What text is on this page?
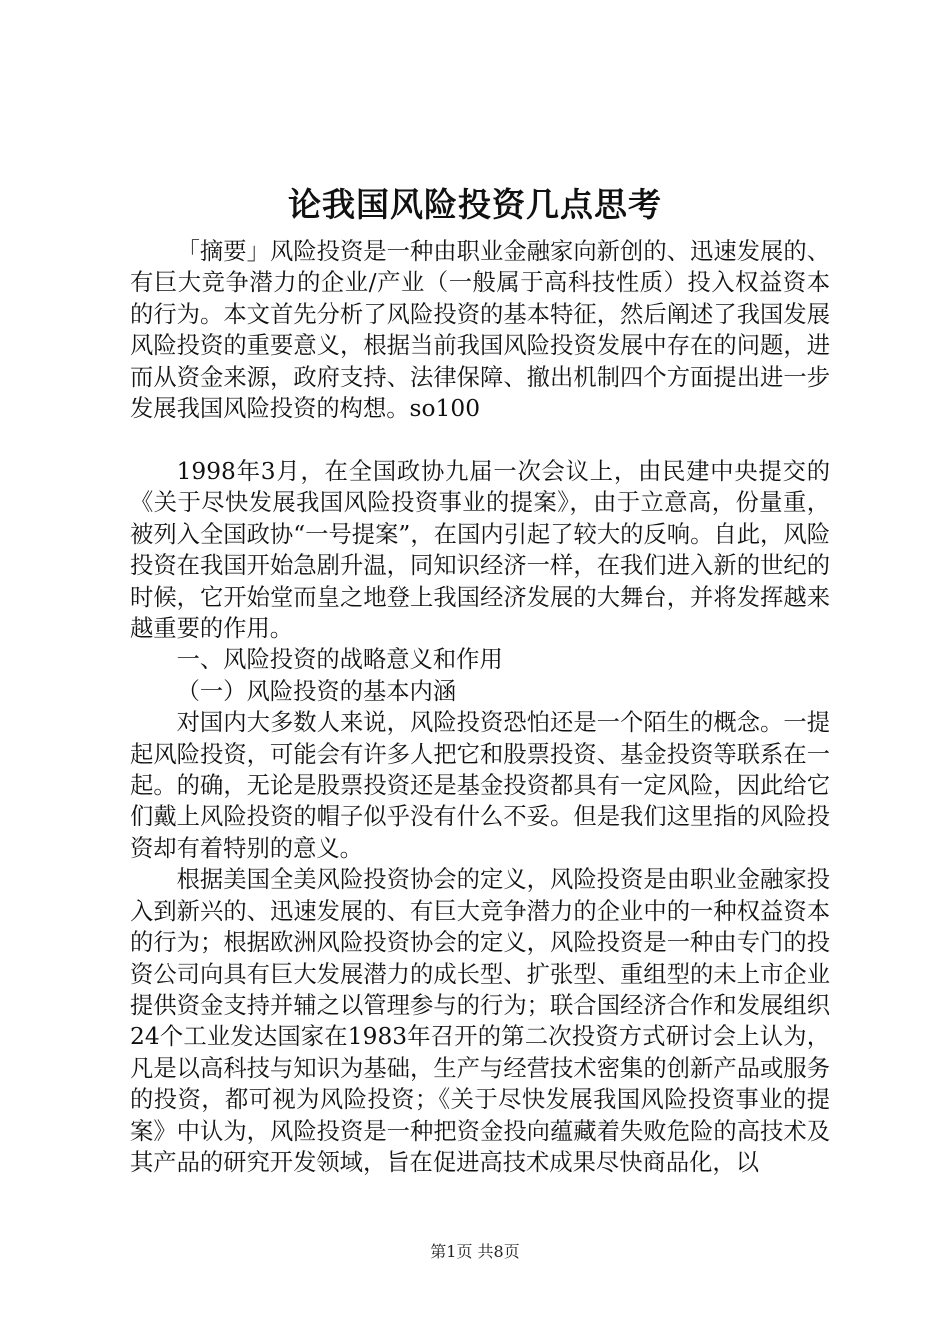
论我国风险投资几点思考

「摘要」风险投资是一种由职业金融家向新创的、迅速发展的、有巨大竞争潜力的企业/产业（一般属于高科技性质）投入权益资本的行为。本文首先分析了风险投资的基本特征，然后阐述了我国发展风险投资的重要意义，根据当前我国风险投资发展中存在的问题，进而从资金来源，政府支持、法律保障、撤出机制四个方面提出进一步发展我国风险投资的构想。so100

1998年3月，在全国政协九届一次会议上，由民建中央提交的《关于尽快发展我国风险投资事业的提案》，由于立意高，份量重，被列入全国政协“一号提案”，在国内引起了较大的反响。自此，风险投资在我国开始急剧升温，同知识经济一样，在我们进入新的世纪的时候，它开始堂而皇之地登上我国经济发展的大舞台，并将发挥越来越重要的作用。

一、风险投资的战略意义和作用

（一）风险投资的基本内涵

对国内大多数人来说，风险投资恐怕还是一个陌生的概念。一提起风险投资，可能会有许多人把它和股票投资、基金投资等联系在一起。的确，无论是股票投资还是基金投资都具有一定风险，因此给它们戴上风险投资的帽子似乎没有什么不妥。但是我们这里指的风险投资却有着特别的意义。

根据美国全美风险投资协会的定义，风险投资是由职业金融家投入到新兴的、迅速发展的、有巨大竞争潜力的企业中的一种权益资本的行为；根据欧洲风险投资协会的定义，风险投资是一种由专门的投资公司向具有巨大发展潜力的成长型、扩张型、重组型的未上市企业提供资金支持并辅之以管理参与的行为；联合国经济合作和发展组织24个工业发达国家在1983年召开的第二次投资方式研讨会上认为，凡是以高科技与知识为基础，生产与经营技术密集的创新产品或服务的投资，都可视为风险投资；《关于尽快发展我国风险投资事业的提案》中认为，风险投资是一种把资金投向蕴藏着失败危险的高技术及其产品的研究开发领域，旨在促进高技术成果尽快商品化，以

第1页 共8页
